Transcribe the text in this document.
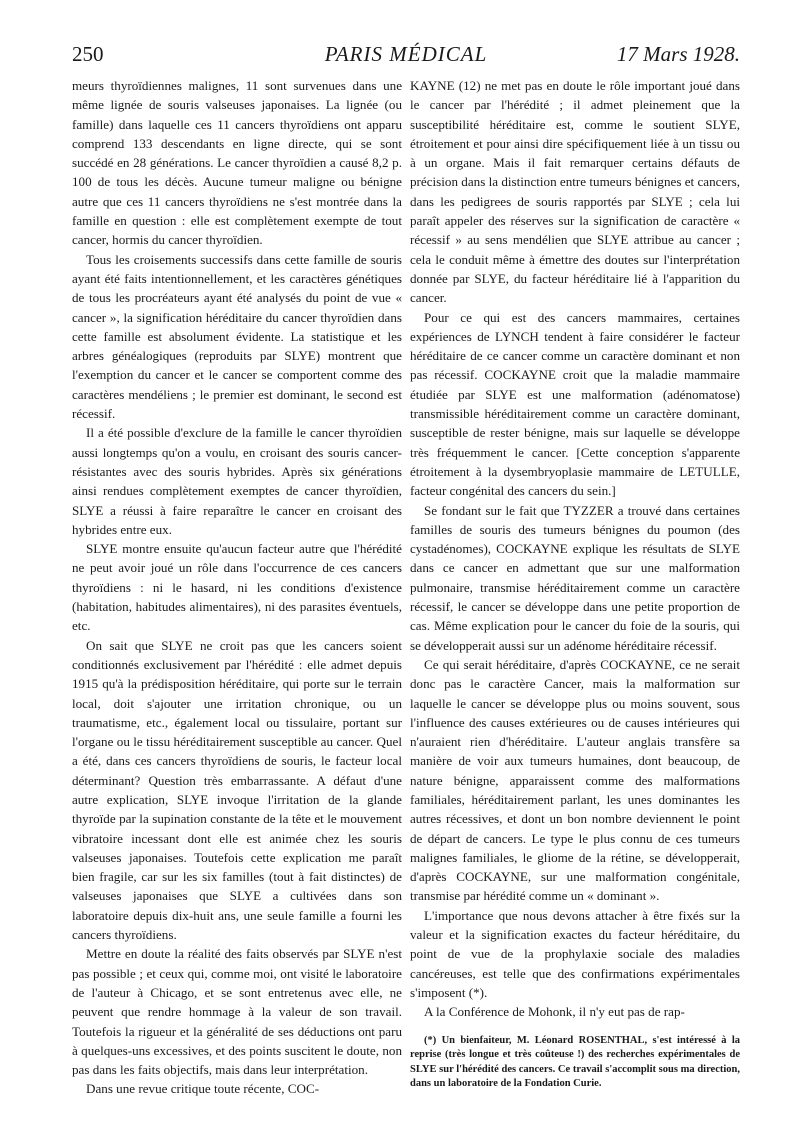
250	PARIS MÉDICAL	17 Mars 1928.

meurs thyroïdiennes malignes, 11 sont survenues dans une même lignée de souris valseuses japonaises. La lignée (ou famille) dans laquelle ces 11 cancers thyroïdiens ont apparu comprend 133 descendants en ligne directe, qui se sont succédé en 28 générations. Le cancer thyroïdien a causé 8,2 p. 100 de tous les décès. Aucune tumeur maligne ou bénigne autre que ces 11 cancers thyroïdiens ne s'est montrée dans la famille en question : elle est complètement exempte de tout cancer, hormis du cancer thyroïdien.

Tous les croisements successifs dans cette famille de souris ayant été faits intentionnellement, et les caractères génétiques de tous les procréateurs ayant été analysés du point de vue « cancer », la signification héréditaire du cancer thyroïdien dans cette famille est absolument évidente. La statistique et les arbres généalogiques (reproduits par SLYE) montrent que l'exemption du cancer et le cancer se comportent comme des caractères mendéliens ; le premier est dominant, le second est récessif.

Il a été possible d'exclure de la famille le cancer thyroïdien aussi longtemps qu'on a voulu, en croisant des souris cancer-résistantes avec des souris hybrides. Après six générations ainsi rendues complètement exemptes de cancer thyroïdien, SLYE a réussi à faire reparaître le cancer en croisant des hybrides entre eux.

SLYE montre ensuite qu'aucun facteur autre que l'hérédité ne peut avoir joué un rôle dans l'occurrence de ces cancers thyroïdiens : ni le hasard, ni les conditions d'existence (habitation, habitudes alimentaires), ni des parasites éventuels, etc.

On sait que SLYE ne croit pas que les cancers soient conditionnés exclusivement par l'hérédité : elle admet depuis 1915 qu'à la prédisposition héréditaire, qui porte sur le terrain local, doit s'ajouter une irritation chronique, ou un traumatisme, etc., également local ou tissulaire, portant sur l'organe ou le tissu héréditairement susceptible au cancer. Quel a été, dans ces cancers thyroïdiens de souris, le facteur local déterminant? Question très embarrassante. A défaut d'une autre explication, SLYE invoque l'irritation de la glande thyroïde par la supination constante de la tête et le mouvement vibratoire incessant dont elle est animée chez les souris valseuses japonaises. Toutefois cette explication me paraît bien fragile, car sur les six familles (tout à fait distinctes) de valseuses japonaises que SLYE a cultivées dans son laboratoire depuis dix-huit ans, une seule famille a fourni les cancers thyroïdiens.

Mettre en doute la réalité des faits observés par SLYE n'est pas possible ; et ceux qui, comme moi, ont visité le laboratoire de l'auteur à Chicago, et se sont entretenus avec elle, ne peuvent que rendre hommage à la valeur de son travail. Toutefois la rigueur et la généralité de ses déductions ont paru à quelques-uns excessives, et des points suscitent le doute, non pas dans les faits objectifs, mais dans leur interprétation.

Dans une revue critique toute récente, COC-

KAYNE (12) ne met pas en doute le rôle important joué dans le cancer par l'hérédité ; il admet pleinement que la susceptibilité héréditaire est, comme le soutient SLYE, étroitement et pour ainsi dire spécifiquement liée à un tissu ou à un organe. Mais il fait remarquer certains défauts de précision dans la distinction entre tumeurs bénignes et cancers, dans les pedigrees de souris rapportés par SLYE ; cela lui paraît appeler des réserves sur la signification de caractère « récessif » au sens mendélien que SLYE attribue au cancer ; cela le conduit même à émettre des doutes sur l'interprétation donnée par SLYE, du facteur héréditaire lié à l'apparition du cancer.

Pour ce qui est des cancers mammaires, certaines expériences de LYNCH tendent à faire considérer le facteur héréditaire de ce cancer comme un caractère dominant et non pas récessif. COCKAYNE croit que la maladie mammaire étudiée par SLYE est une malformation (adénomatose) transmissible héréditairement comme un caractère dominant, susceptible de rester bénigne, mais sur laquelle se développe très fréquemment le cancer. [Cette conception s'apparente étroitement à la dysembryoplasie mammaire de LETULLE, facteur congénital des cancers du sein.]

Se fondant sur le fait que TYZZER a trouvé dans certaines familles de souris des tumeurs bénignes du poumon (des cystadénomes), COCKAYNE explique les résultats de SLYE dans ce cancer en admettant que sur une malformation pulmonaire, transmise héréditairement comme un caractère récessif, le cancer se développe dans une petite proportion de cas. Même explication pour le cancer du foie de la souris, qui se développerait aussi sur un adénome héréditaire récessif.

Ce qui serait héréditaire, d'après COCKAYNE, ce ne serait donc pas le caractère Cancer, mais la malformation sur laquelle le cancer se développe plus ou moins souvent, sous l'influence des causes extérieures ou de causes intérieures qui n'auraient rien d'héréditaire. L'auteur anglais transfère sa manière de voir aux tumeurs humaines, dont beaucoup, de nature bénigne, apparaissent comme des malformations familiales, héréditairement parlant, les unes dominantes les autres récessives, et dont un bon nombre deviennent le point de départ de cancers. Le type le plus connu de ces tumeurs malignes familiales, le gliome de la rétine, se développerait, d'après COCKAYNE, sur une malformation congénitale, transmise par hérédité comme un « dominant ».

L'importance que nous devons attacher à être fixés sur la valeur et la signification exactes du facteur héréditaire, du point de vue de la prophylaxie sociale des maladies cancéreuses, est telle que des confirmations expérimentales s'imposent (*).

A la Conférence de Mohonk, il n'y eut pas de rap-

(*) Un bienfaiteur, M. Léonard ROSENTHAL, s'est intéressé à la reprise (très longue et très coûteuse !) des recherches expérimentales de SLYE sur l'hérédité des cancers. Ce travail s'accomplit sous ma direction, dans un laboratoire de la Fondation Curie.
